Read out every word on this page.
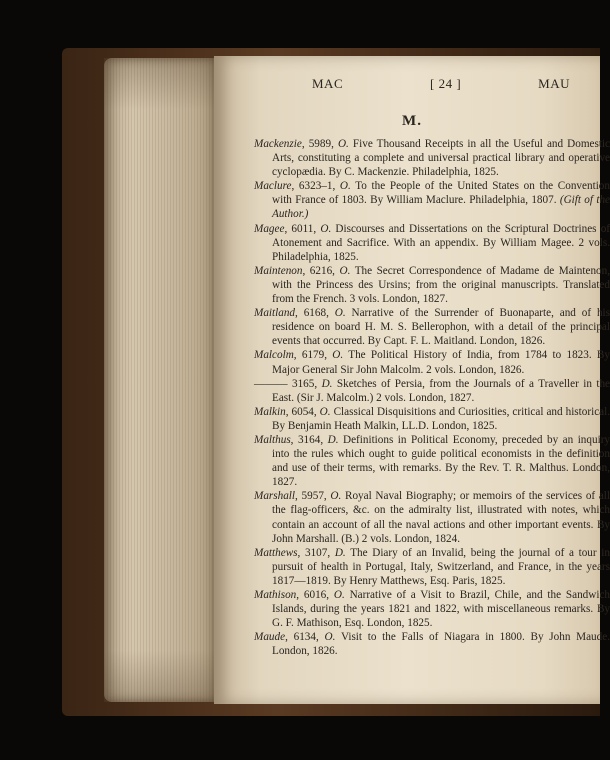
MAC	[ 24 ]	MAU
M.

Mackenzie, 5989, O. Five Thousand Receipts in all the Useful and Domestic Arts, constituting a complete and universal practical library and operative cyclopædia. By C. Mackenzie. Philadelphia, 1825.

Maclure, 6323–1, O. To the People of the United States on the Convention with France of 1803. By William Maclure. Philadelphia, 1807. (Gift of the Author.)

Magee, 6011, O. Discourses and Dissertations on the Scriptural Doctrines of Atonement and Sacrifice. With an appendix. By William Magee. 2 vols. Philadelphia, 1825.

Maintenon, 6216, O. The Secret Correspondence of Madame de Maintenon, with the Princess des Ursins; from the original manuscripts. Translated from the French. 3 vols. London, 1827.

Maitland, 6168, O. Narrative of the Surrender of Buonaparte, and of his residence on board H. M. S. Bellerophon, with a detail of the principal events that occurred. By Capt. F. L. Maitland. London, 1826.

Malcolm, 6179, O. The Political History of India, from 1784 to 1823. By Major General Sir John Malcolm. 2 vols. London, 1826.

——— 3165, D. Sketches of Persia, from the Journals of a Traveller in the East. (Sir J. Malcolm.) 2 vols. London, 1827.

Malkin, 6054, O. Classical Disquisitions and Curiosities, critical and historical. By Benjamin Heath Malkin, LL.D. London, 1825.

Malthus, 3164, D. Definitions in Political Economy, preceded by an inquiry into the rules which ought to guide political economists in the definition and use of their terms, with remarks. By the Rev. T. R. Malthus. London, 1827.

Marshall, 5957, O. Royal Naval Biography; or memoirs of the services of all the flag-officers, &c. on the admiralty list, illustrated with notes, which contain an account of all the naval actions and other important events. By John Marshall. (B.) 2 vols. London, 1824.

Matthews, 3107, D. The Diary of an Invalid, being the journal of a tour in pursuit of health in Portugal, Italy, Switzerland, and France, in the years 1817—1819. By Henry Matthews, Esq. Paris, 1825.

Mathison, 6016, O. Narrative of a Visit to Brazil, Chile, and the Sandwich Islands, during the years 1821 and 1822, with miscellaneous remarks. By G. F. Mathison, Esq. London, 1825.

Maude, 6134, O. Visit to the Falls of Niagara in 1800. By John Maude. London, 1826.
